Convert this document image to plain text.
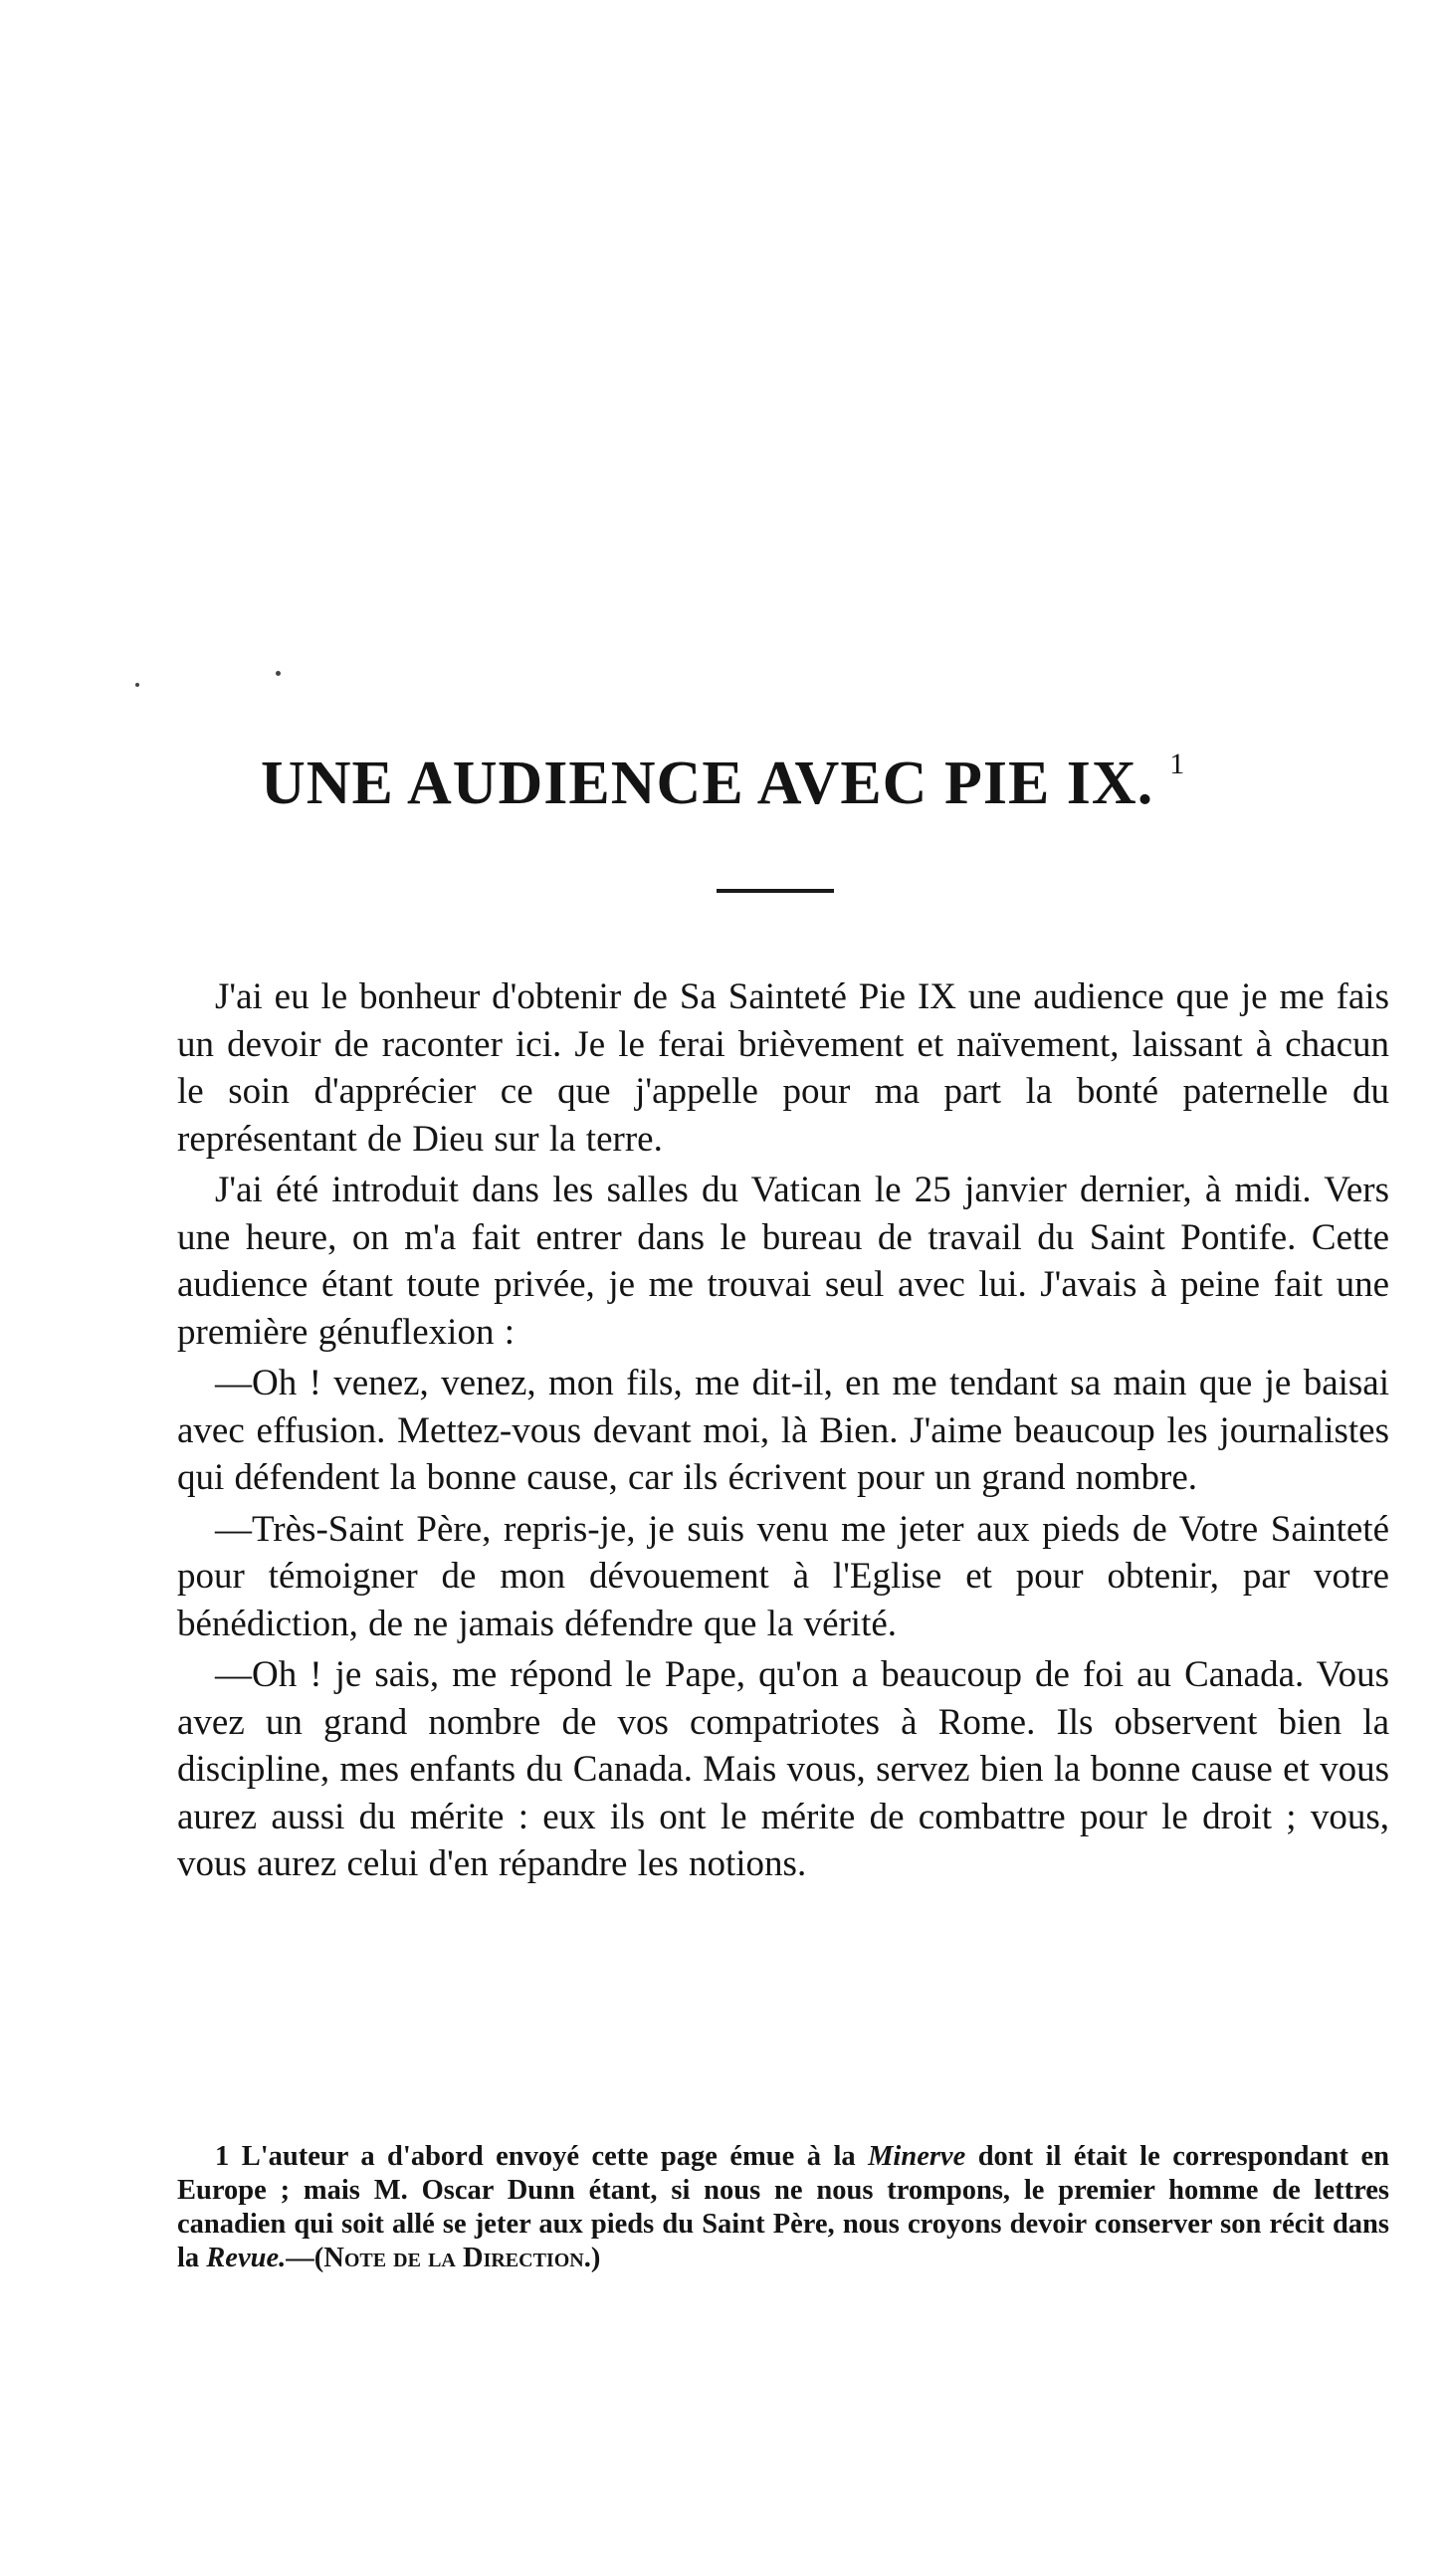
UNE AUDIENCE AVEC PIE IX. $^1$

J'ai eu le bonheur d'obtenir de Sa Sainteté Pie IX une audience que je me fais un devoir de raconter ici. Je le ferai brièvement et naïvement, laissant à chacun le soin d'apprécier ce que j'appelle pour ma part la bonté paternelle du représentant de Dieu sur la terre.

J'ai été introduit dans les salles du Vatican le 25 janvier dernier, à midi. Vers une heure, on m'a fait entrer dans le bureau de travail du Saint Pontife. Cette audience étant toute privée, je me trouvai seul avec lui. J'avais à peine fait une première génuflexion :

—Oh ! venez, venez, mon fils, me dit-il, en me tendant sa main que je baisai avec effusion. Mettez-vous devant moi, là Bien. J'aime beaucoup les journalistes qui défendent la bonne cause, car ils écrivent pour un grand nombre.

—Très-Saint Père, repris-je, je suis venu me jeter aux pieds de Votre Sainteté pour témoigner de mon dévouement à l'Eglise et pour obtenir, par votre bénédiction, de ne jamais défendre que la vérité.

—Oh ! je sais, me répond le Pape, qu'on a beaucoup de foi au Canada. Vous avez un grand nombre de vos compatriotes à Rome. Ils observent bien la discipline, mes enfants du Canada. Mais vous, servez bien la bonne cause et vous aurez aussi du mérite : eux ils ont le mérite de combattre pour le droit ; vous, vous aurez celui d'en répandre les notions.

1 L'auteur a d'abord envoyé cette page émue à la Minerve dont il était le correspondant en Europe ; mais M. Oscar Dunn étant, si nous ne nous trompons, le premier homme de lettres canadien qui soit allé se jeter aux pieds du Saint Père, nous croyons devoir conserver son récit dans la Revue.—(Note de la Direction.)
